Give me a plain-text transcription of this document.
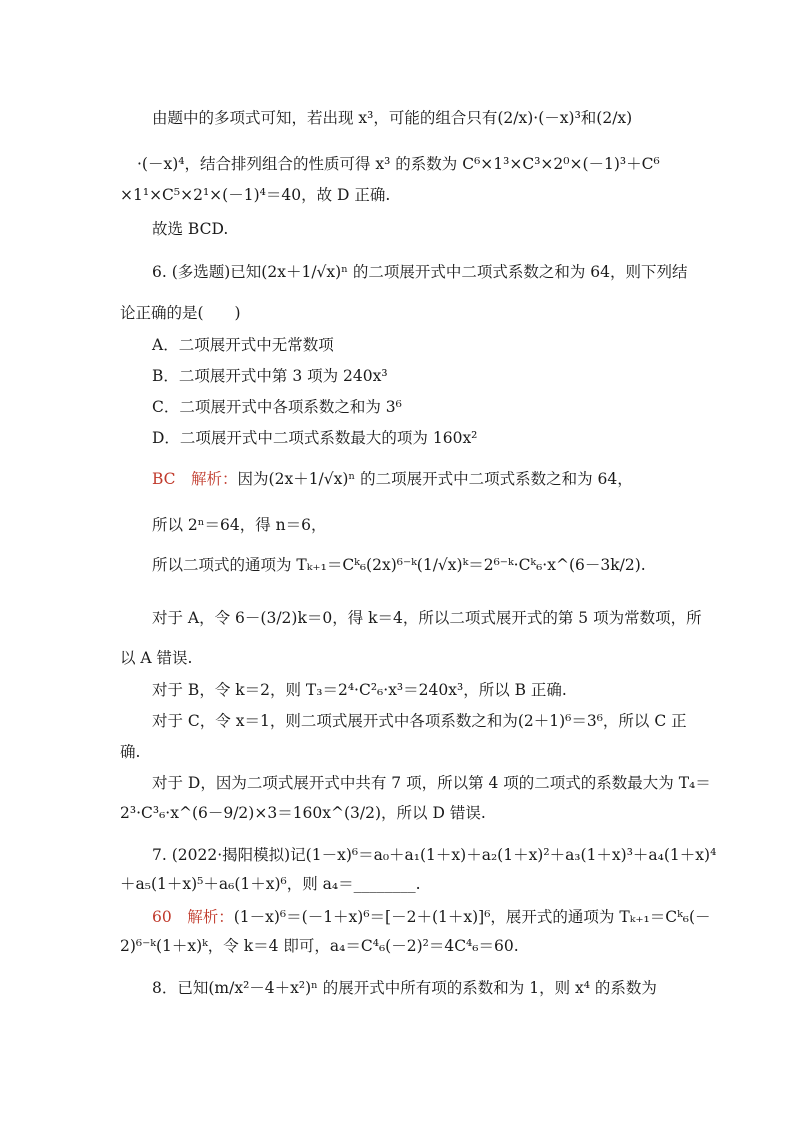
由题中的多项式可知，若出现 x³，可能的组合只有(2/x)·(－x)³和(2/x)
·(－x)⁴，结合排列组合的性质可得 x³ 的系数为 C⁶×1³×C³×2⁰×(－1)³＋C⁶
×1¹×C⁵×2¹×(－1)⁴＝40，故 D 正确.
故选 BCD.
6. (多选题)已知(2x＋1/√x)ⁿ 的二项展开式中二项式系数之和为 64，则下列结
论正确的是(　　)
A．二项展开式中无常数项
B．二项展开式中第 3 项为 240x³
C．二项展开式中各项系数之和为 3⁶
D．二项展开式中二项式系数最大的项为 160x²
BC　解析：因为(2x＋1/√x)ⁿ 的二项展开式中二项式系数之和为 64，
所以 2ⁿ＝64，得 n＝6，
所以二项式的通项为 Tₖ₊₁＝Cᵏ₆(2x)⁶⁻ᵏ(1/√x)ᵏ＝2⁶⁻ᵏ·Cᵏ₆·x^(6－3k/2).
对于 A，令 6－(3/2)k＝0，得 k＝4，所以二项式展开式的第 5 项为常数项，所
以 A 错误.
对于 B，令 k＝2，则 T₃＝2⁴·C²₆·x³＝240x³，所以 B 正确.
对于 C，令 x＝1，则二项式展开式中各项系数之和为(2＋1)⁶＝3⁶，所以 C 正
确.
对于 D，因为二项式展开式中共有 7 项，所以第 4 项的二项式的系数最大为 T₄＝
2³·C³₆·x^(6－9/2)×3＝160x^(3/2)，所以 D 错误.
7. (2022·揭阳模拟)记(1－x)⁶＝a₀＋a₁(1＋x)＋a₂(1＋x)²＋a₃(1＋x)³＋a₄(1＋x)⁴
＋a₅(1＋x)⁵＋a₆(1＋x)⁶，则 a₄＝________.
60　解析：(1－x)⁶＝(－1＋x)⁶＝[－2＋(1＋x)]⁶，展开式的通项为 Tₖ₊₁＝Cᵏ₆(－
2)⁶⁻ᵏ(1＋x)ᵏ，令 k＝4 即可，a₄＝C⁴₆(－2)²＝4C⁴₆＝60.
8．已知(m/x²－4＋x²)ⁿ 的展开式中所有项的系数和为 1，则 x⁴ 的系数为
